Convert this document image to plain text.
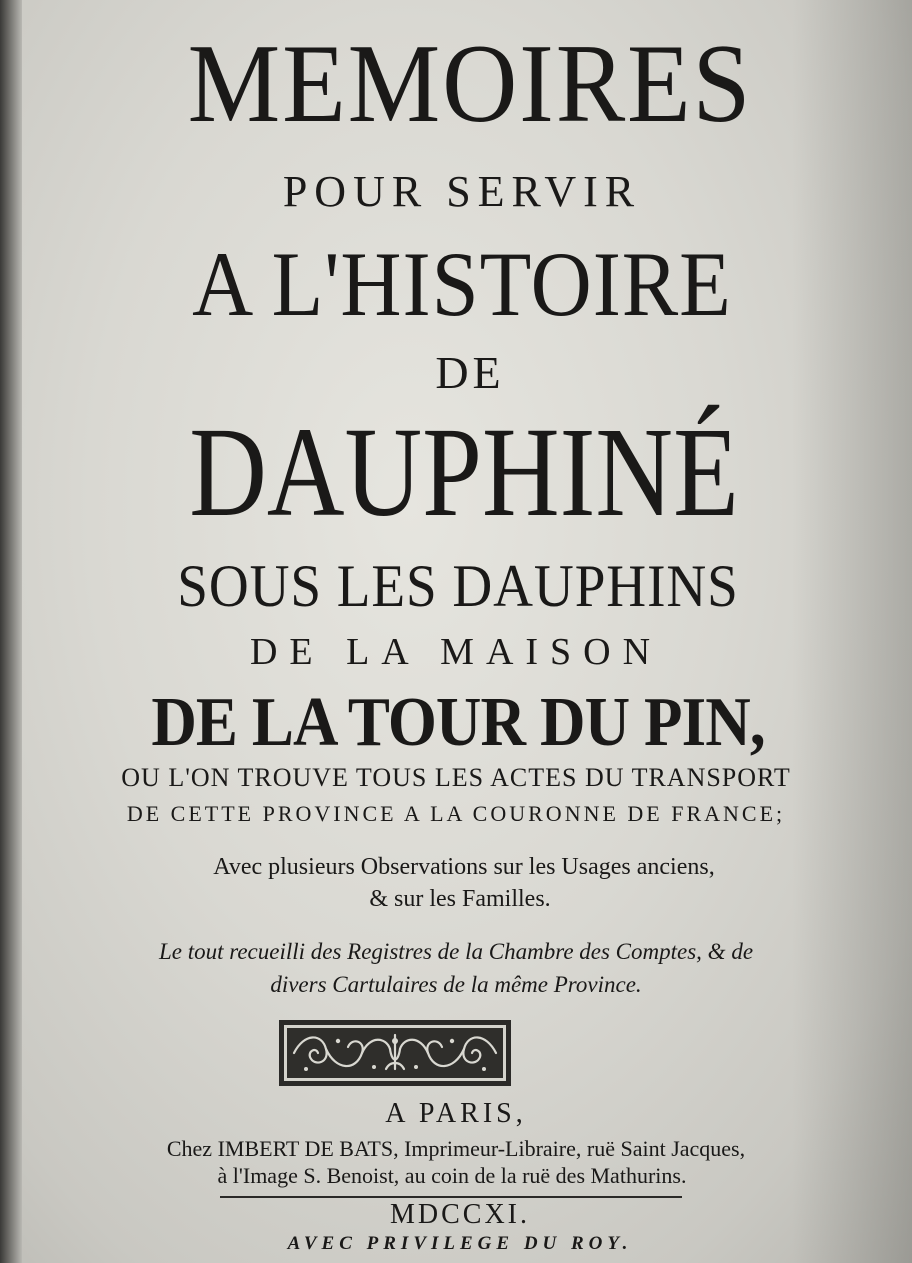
MEMOIRES
POUR SERVIR
A L'HISTOIRE
DE
DAUPHINÉ
SOUS LES DAUPHINS
DE LA MAISON
DE LA TOUR DU PIN,
OU L'ON TROUVE TOUS LES ACTES DU TRANSPORT
DE CETTE PROVINCE A LA COURONNE DE FRANCE;
Avec plusieurs Observations sur les Usages anciens,
& sur les Familles.
Le tout recueilli des Registres de la Chambre des Comptes, & de
divers Cartulaires de la même Province.
A PARIS,
Chez IMBERT DE BATS, Imprimeur-Libraire, ruë Saint Jacques,
à l'Image S. Benoist, au coin de la ruë des Mathurins.
MDCCXI.
AVEC PRIVILEGE DU ROY.
